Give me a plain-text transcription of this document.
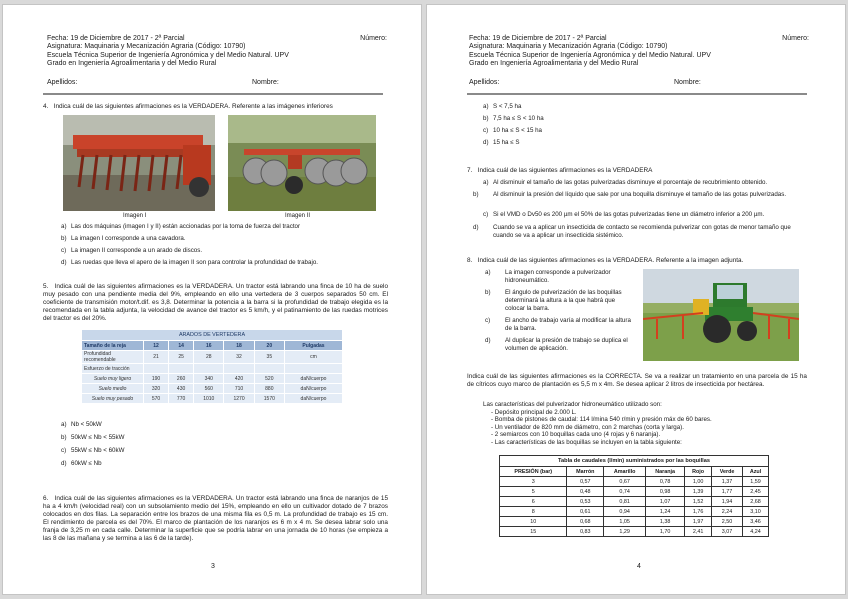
Fecha: 19 de Diciembre de 2017 - 2ª Parcial	Número:
Asignatura: Maquinaria y Mecanización Agraria (Código: 10790)
Escuela Técnica Superior de Ingeniería Agronómica y del Medio Natural. UPV
Grado en Ingeniería Agroalimentaria y del Medio Rural
Apellidos:	Nombre:
4. Indica cuál de las siguientes afirmaciones es la VERDADERA. Referente a las imágenes inferiores
Imagen I	Imagen II
a) Las dos máquinas (imagen I y II) están accionadas por la toma de fuerza del tractor
b) La imagen I corresponde a una cavadora.
c) La imagen II corresponde a un arado de discos.
d) Las ruedas que lleva el apero de la imagen II son para controlar la profundidad de trabajo.
5. Indica cuál de las siguientes afirmaciones es la VERDADERA. Un tractor está labrando una finca de 10 ha de suelo muy pesado con una pendiente media del 9%, empleando en ello una vertedera de 3 cuerpos separados 50 cm. El coeficiente de transmisión motor/t.dif. es 3,8. Determinar la potencia a la barra si la profundidad de trabajo elegida es la recomendada en la tabla adjunta, la velocidad de avance del tractor es 5 km/h, y el patinamiento de las ruedas motrices del tractor es del 20%.
ARADOS DE VERTEDERA						
Tamaño de la reja	12	14	16	18	20	Pulgadas
Profundidad recomendable	21	25	28	32	35	cm
Esfuerzo de tracción						
Suelo muy ligero	190	260	340	420	520	daN/cuerpo
Suelo medio	320	430	560	710	880	daN/cuerpo
Suelo muy pesado	570	770	1010	1270	1570	daN/cuerpo
a) Nb < 50kW
b) 50kW ≤ Nb < 55kW
c) 55kW ≤ Nb < 60kW
d) 60kW ≤ Nb
6. Indica cuál de las siguientes afirmaciones es la VERDADERA. Un tractor está labrando una finca de naranjos de 15 ha a 4 km/h (velocidad real) con un subsolamiento medio del 15%, empleando en ello un cultivador dotado de 7 brazos colocados en dos filas. La separación entre los brazos de una misma fila es 0,5 m. La profundidad de trabajo es 15 cm. El rendimiento de parcela es del 70%. El marco de plantación de los naranjos es 6 m x 4 m. Se desea labrar solo una franja de 3,25 m en cada calle. Determinar la superficie que se podría labrar en una jornada de 10 horas (se empieza a las 8 de las mañana y se termina a las 6 de la tarde).
3
Fecha: 19 de Diciembre de 2017 - 2ª Parcial	Número:
Asignatura: Maquinaria y Mecanización Agraria (Código: 10790)
Escuela Técnica Superior de Ingeniería Agronómica y del Medio Natural. UPV
Grado en Ingeniería Agroalimentaria y del Medio Rural
Apellidos:	Nombre:
a) S < 7,5 ha
b) 7,5 ha ≤ S < 10 ha
c) 10 ha ≤ S < 15 ha
d) 15 ha ≤ S
7. Indica cuál de las siguientes afirmaciones es la VERDADERA
a) Al disminuir el tamaño de las gotas pulverizadas disminuye el porcentaje de recubrimiento obtenido.
b) Al disminuir la presión del líquido que sale por una boquilla disminuye el tamaño de las gotas pulverizadas.
c) Si el VMD o Dv50 es 200 µm el 50% de las gotas pulverizadas tiene un diámetro inferior a 200 µm.
d) Cuando se va a aplicar un insecticida de contacto se recomienda pulverizar con gotas de menor tamaño que cuando se va a aplicar un insecticida sistémico.
8. Indica cuál de las siguientes afirmaciones es la VERDADERA. Referente a la imagen adjunta.
a) La imagen corresponde a pulverizador hidroneumático.
b) El ángulo de pulverización de las boquillas determinará la altura a la que habrá que colocar la barra.
c) El ancho de trabajo varía al modificar la altura de la barra.
d) Al duplicar la presión de trabajo se duplica el volumen de aplicación.
Indica cuál de las siguientes afirmaciones es la CORRECTA. Se va a realizar un tratamiento en una parcela de 15 ha de cítricos cuyo marco de plantación es 5,5 m x 4m. Se desea aplicar 2 litros de insecticida por hectárea.
Las características del pulverizador hidroneumático utilizado son:
- Depósito principal de 2.000 L.
- Bomba de pistones de caudal: 114 l/mina 540 r/min y presión máx de 60 bares.
- Un ventilador de 820 mm de diámetro, con 2 marchas (corta y larga).
- 2 semiarcos con 10 boquillas cada uno (4 rojas y 6 naranja).
- Las características de las boquillas se incluyen en la tabla siguiente:
Tabla de caudales (l/min) suministrados por las boquillas						
PRESIÓN (bar)	Marrón	Amarillo	Naranja	Rojo	Verde	Azul
3	0,57	0,67	0,78	1,00	1,37	1,59
5	0,48	0,74	0,98	1,39	1,77	2,45
6	0,53	0,81	1,07	1,52	1,94	2,68
8	0,61	0,94	1,24	1,76	2,24	3,10
10	0,68	1,05	1,38	1,97	2,50	3,46
15	0,83	1,29	1,70	2,41	3,07	4,24
4
